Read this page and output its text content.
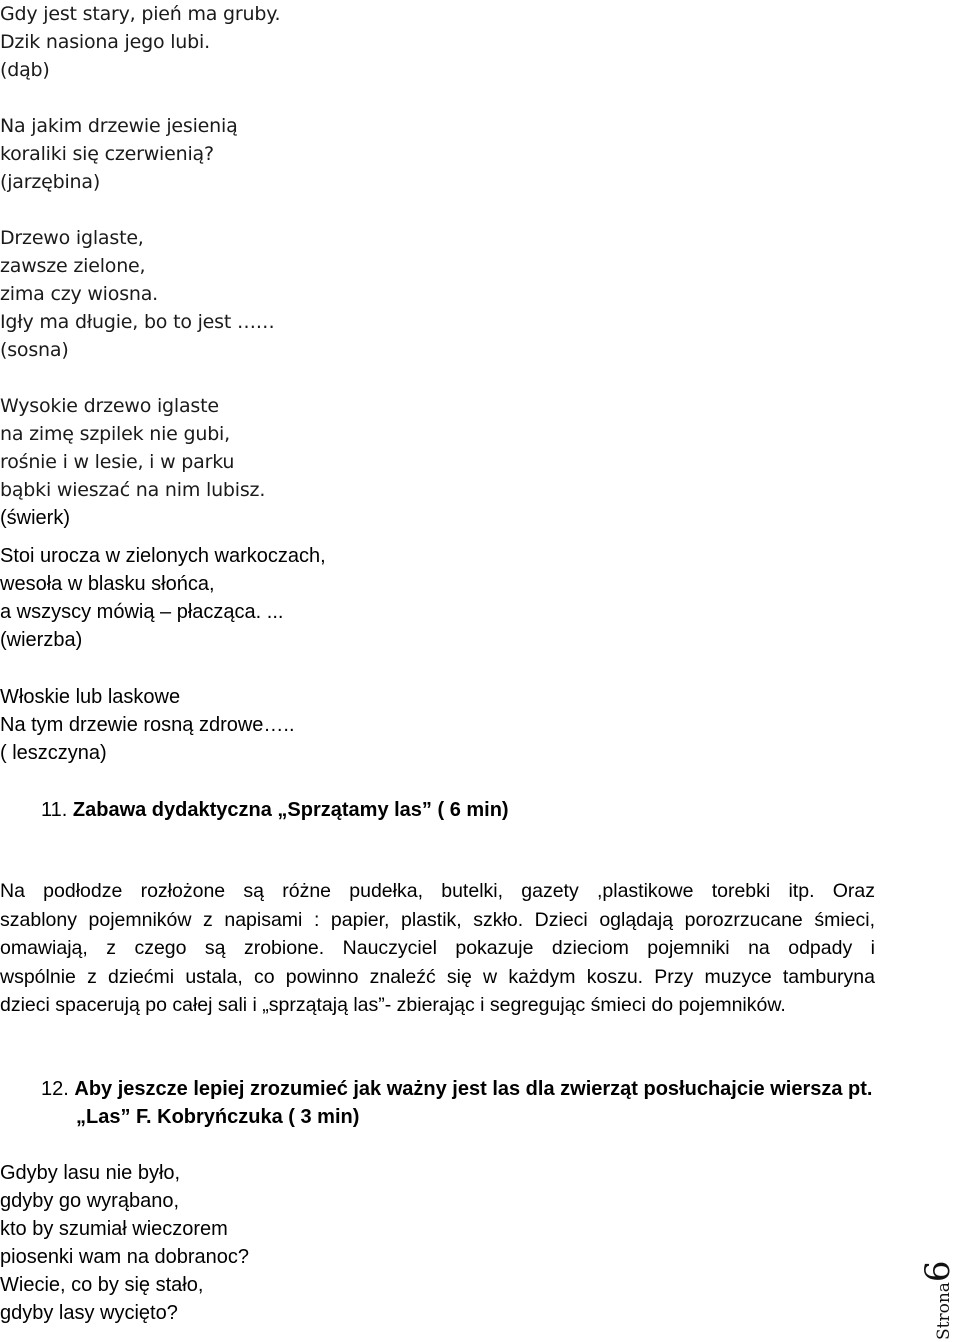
Gdy jest stary, pień ma gruby.
Dzik nasiona jego lubi.
(dąb)
Na jakim drzewie jesienią
koraliki się czerwienią?
(jarzębina)
Drzewo iglaste,
zawsze zielone,
zima czy wiosna.
Igły ma długie, bo to jest ……
(sosna)
Wysokie drzewo iglaste
na zimę szpilek nie gubi,
rośnie i w lesie, i w parku
bąbki wieszać na nim lubisz.
(świerk)
Stoi urocza w zielonych warkoczach,
wesoła w blasku słońca,
a wszyscy mówią – płacząca. ...
(wierzba)
Włoskie lub laskowe
Na tym drzewie rosną zdrowe…..
( leszczyna)
11. Zabawa dydaktyczna „Sprzątamy las” ( 6 min)
Na podłodze rozłożone są różne pudełka, butelki, gazety ,plastikowe torebki itp. Oraz
szablony pojemników z napisami : papier, plastik, szkło. Dzieci oglądają porozrzucane śmieci,
omawiają, z czego są zrobione. Nauczyciel pokazuje dzieciom pojemniki na odpady i
wspólnie z dziećmi ustala, co powinno znaleźć się w każdym koszu. Przy muzyce tamburyna
dzieci spacerują po całej sali i „sprzątają las”- zbierając i segregując śmieci do pojemników.
12. Aby jeszcze lepiej zrozumieć jak ważny jest las dla zwierząt posłuchajcie wiersza pt.
„Las” F. Kobryńczuka ( 3 min)
Gdyby lasu nie było,
gdyby go wyrąbano,
kto by szumiał wieczorem
piosenki wam na dobranoc?
Wiecie, co by się stało,
gdyby lasy wycięto?	Strona6
